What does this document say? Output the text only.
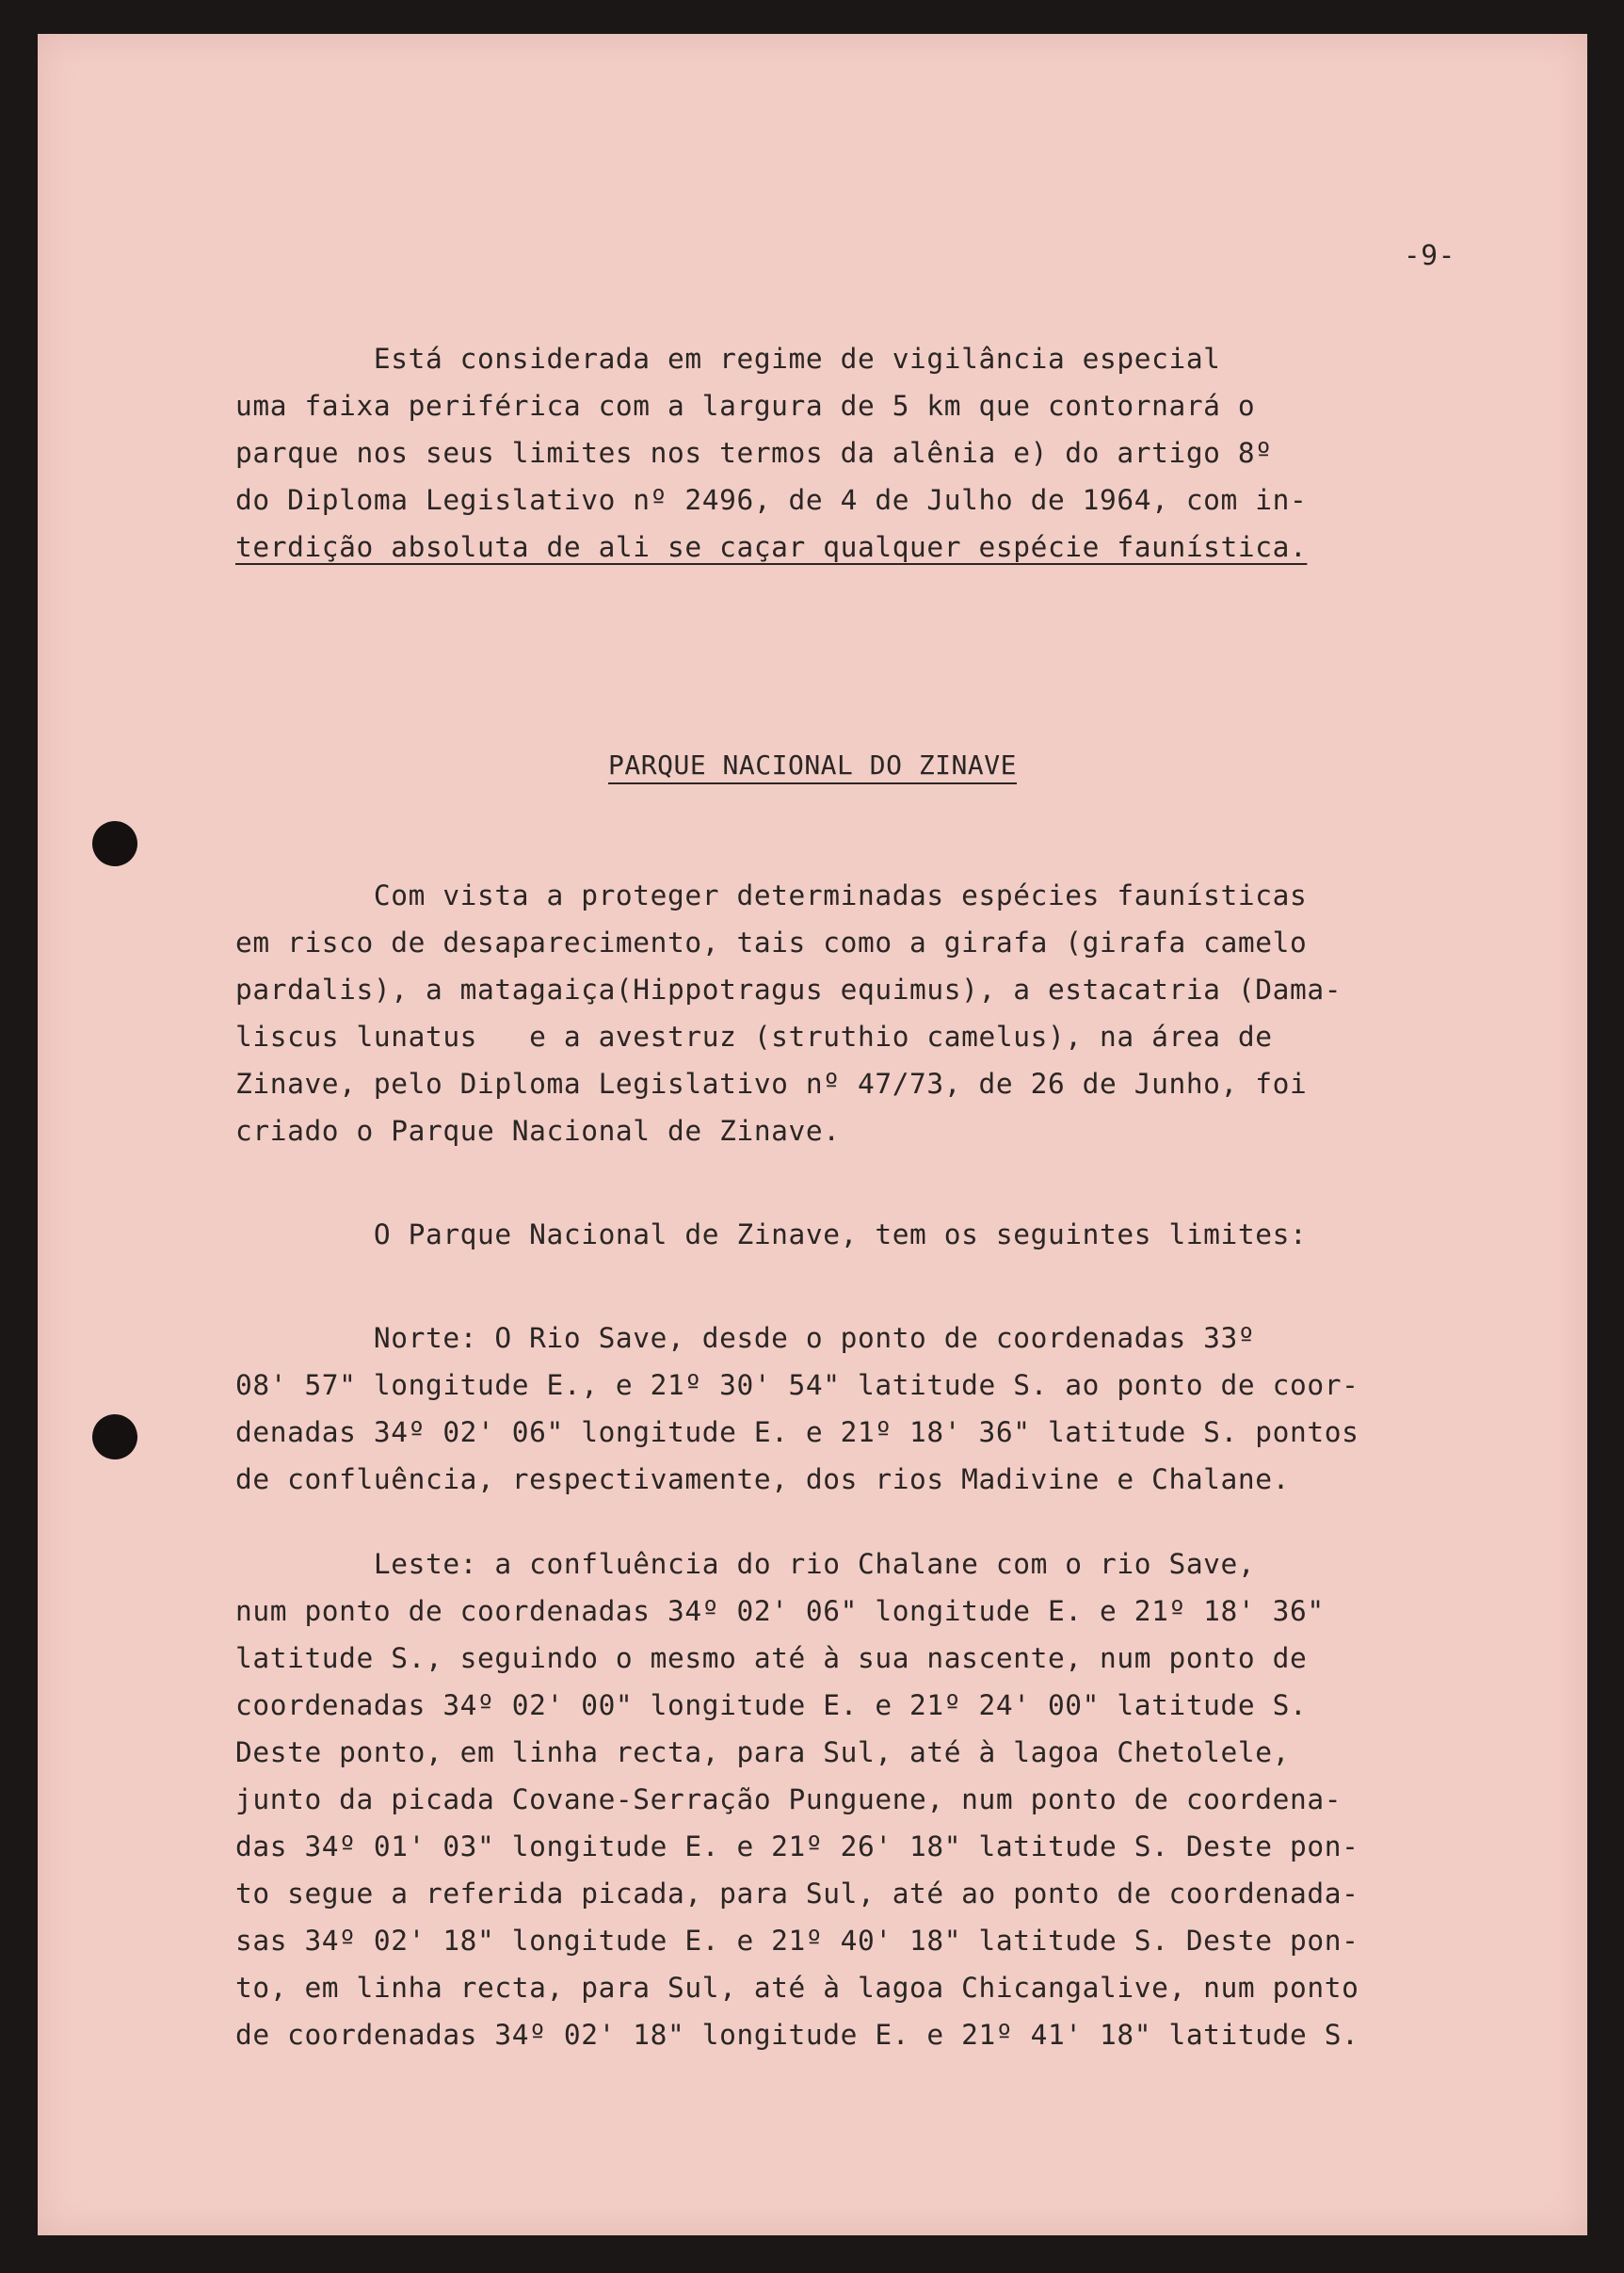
-9-
Está considerada em regime de vigilância especial
uma faixa periférica com a largura de 5 km que contornará o
parque nos seus limites nos termos da alênia e) do artigo 8º
do Diploma Legislativo nº 2496, de 4 de Julho de 1964, com in-
terdição absoluta de ali se caçar qualquer espécie faunística.
PARQUE NACIONAL DO ZINAVE
Com vista a proteger determinadas espécies faunísticas
em risco de desaparecimento, tais como a girafa (girafa camelo
pardalis), a matagaiça(Hippotragus equimus), a estacatria (Dama-
liscus lunatus   e a avestruz (struthio camelus), na área de
Zinave, pelo Diploma Legislativo nº 47/73, de 26 de Junho, foi
criado o Parque Nacional de Zinave.
O Parque Nacional de Zinave, tem os seguintes limites:
Norte: O Rio Save, desde o ponto de coordenadas 33º
08' 57" longitude E., e 21º 30' 54" latitude S. ao ponto de coor-
denadas 34º 02' 06" longitude E. e 21º 18' 36" latitude S. pontos
de confluência, respectivamente, dos rios Madivine e Chalane.
Leste: a confluência do rio Chalane com o rio Save,
num ponto de coordenadas 34º 02' 06" longitude E. e 21º 18' 36"
latitude S., seguindo o mesmo até à sua nascente, num ponto de
coordenadas 34º 02' 00" longitude E. e 21º 24' 00" latitude S.
Deste ponto, em linha recta, para Sul, até à lagoa Chetolele,
junto da picada Covane-Serração Punguene, num ponto de coordena-
das 34º 01' 03" longitude E. e 21º 26' 18" latitude S. Deste pon-
to segue a referida picada, para Sul, até ao ponto de coordenada-
sas 34º 02' 18" longitude E. e 21º 40' 18" latitude S. Deste pon-
to, em linha recta, para Sul, até à lagoa Chicangalive, num ponto
de coordenadas 34º 02' 18" longitude E. e 21º 41' 18" latitude S.
